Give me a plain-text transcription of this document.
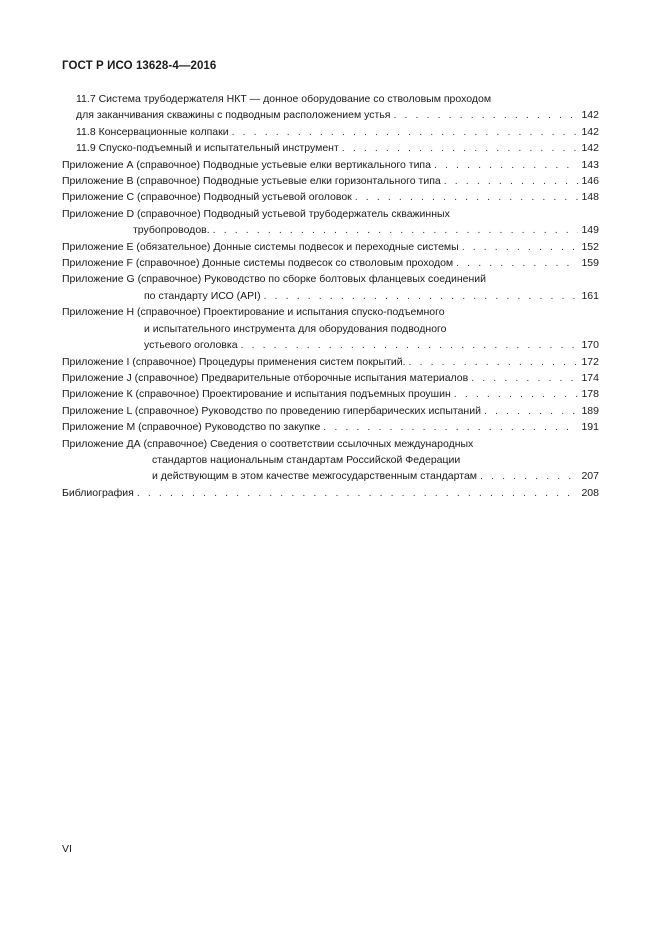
ГОСТ Р ИСО 13628-4—2016
11.7 Система трубодержателя НКТ — донное оборудование со стволовым проходом
для заканчивания скважины с подводным расположением устья . . .	142
11.8 Консервационные колпаки . . .	142
11.9 Спуско-подъемный и испытательный инструмент . . .	142
Приложение А (справочное) Подводные устьевые елки вертикального типа . . .	143
Приложение В (справочное) Подводные устьевые елки горизонтального типа . . .	146
Приложение С (справочное) Подводный устьевой оголовок . . .	148
Приложение D (справочное) Подводный устьевой трубодержатель скважинных
трубопроводов. . . .	149
Приложение Е (обязательное) Донные системы подвесок и переходные системы . . .	152
Приложение F (справочное) Донные системы подвесок со стволовым проходом . . .	159
Приложение G (справочное) Руководство по сборке болтовых фланцевых соединений
по стандарту ИСО (API) . . .	161
Приложение Н (справочное) Проектирование и испытания спуско-подъемного
и испытательного инструмента для оборудования подводного
устьевого оголовка . . .	170
Приложение I (справочное) Процедуры применения систем покрытий. . . .	172
Приложение J (справочное) Предварительные отборочные испытания материалов . . .	174
Приложение К (справочное) Проектирование и испытания подъемных проушин . . .	178
Приложение L (справочное) Руководство по проведению гипербарических испытаний . . .	189
Приложение М (справочное) Руководство по закупке . . .	191
Приложение ДА (справочное) Сведения о соответствии ссылочных международных
стандартов национальным стандартам Российской Федерации
и действующим в этом качестве межгосударственным стандартам . . .	207
Библиография . . .	208
VI
